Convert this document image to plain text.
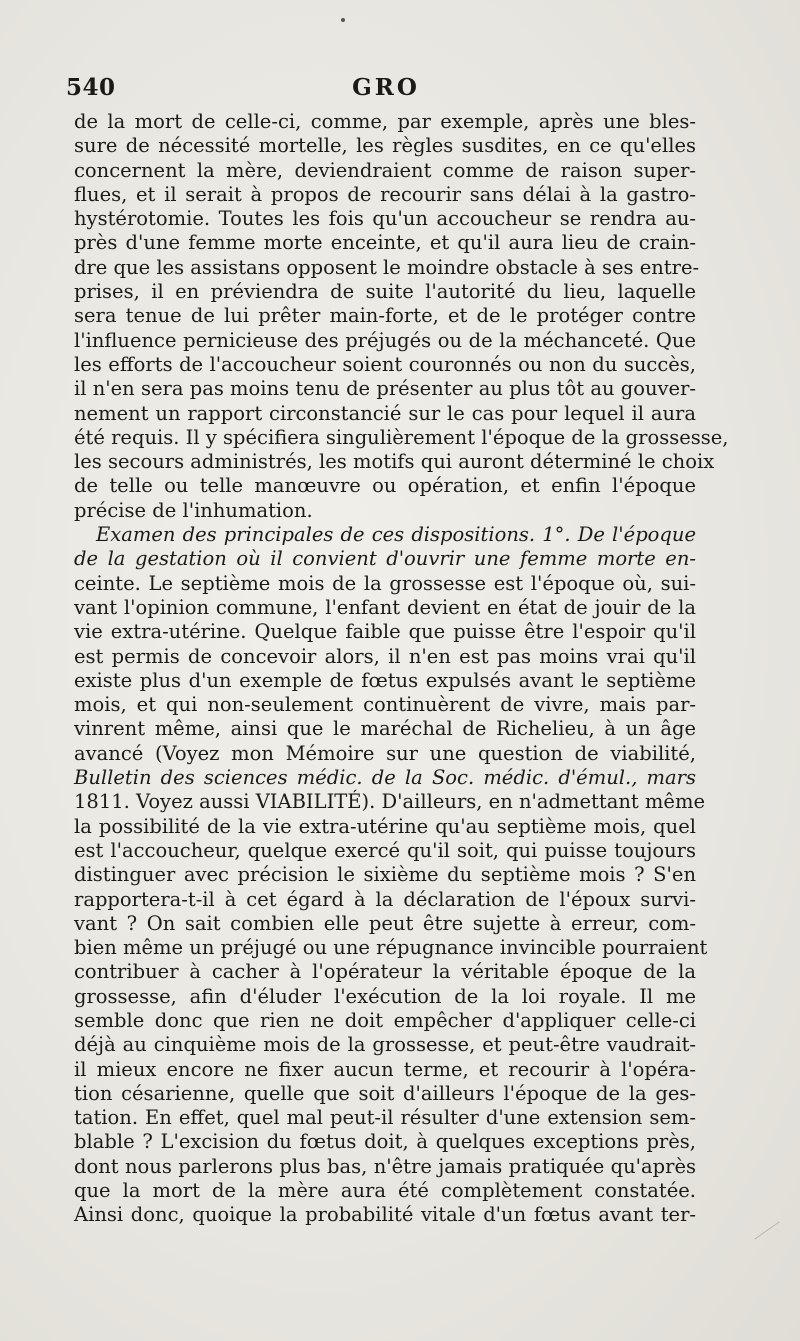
540	GRO
de la mort de celle-ci, comme, par exemple, après une bles-
sure de nécessité mortelle, les règles susdites, en ce qu'elles
concernent la mère, deviendraient comme de raison super-
flues, et il serait à propos de recourir sans délai à la gastro-
hystérotomie. Toutes les fois qu'un accoucheur se rendra au-
près d'une femme morte enceinte, et qu'il aura lieu de crain-
dre que les assistans opposent le moindre obstacle à ses entre-
prises, il en préviendra de suite l'autorité du lieu, laquelle
sera tenue de lui prêter main-forte, et de le protéger contre
l'influence pernicieuse des préjugés ou de la méchanceté. Que
les efforts de l'accoucheur soient couronnés ou non du succès,
il n'en sera pas moins tenu de présenter au plus tôt au gouver-
nement un rapport circonstancié sur le cas pour lequel il aura
été requis. Il y spécifiera singulièrement l'époque de la grossesse,
les secours administrés, les motifs qui auront déterminé le choix
de telle ou telle manœuvre ou opération, et enfin l'époque
précise de l'inhumation.
Examen des principales de ces dispositions. 1°. De l'époque
de la gestation où il convient d'ouvrir une femme morte en-
ceinte. Le septième mois de la grossesse est l'époque où, sui-
vant l'opinion commune, l'enfant devient en état de jouir de la
vie extra-utérine. Quelque faible que puisse être l'espoir qu'il
est permis de concevoir alors, il n'en est pas moins vrai qu'il
existe plus d'un exemple de fœtus expulsés avant le septième
mois, et qui non-seulement continuèrent de vivre, mais par-
vinrent même, ainsi que le maréchal de Richelieu, à un âge
avancé (Voyez mon Mémoire sur une question de viabilité,
Bulletin des sciences médic. de la Soc. médic. d'émul., mars
1811. Voyez aussi VIABILITÉ). D'ailleurs, en n'admettant même
la possibilité de la vie extra-utérine qu'au septième mois, quel
est l'accoucheur, quelque exercé qu'il soit, qui puisse toujours
distinguer avec précision le sixième du septième mois ? S'en
rapportera-t-il à cet égard à la déclaration de l'époux survi-
vant ? On sait combien elle peut être sujette à erreur, com-
bien même un préjugé ou une répugnance invincible pourraient
contribuer à cacher à l'opérateur la véritable époque de la
grossesse, afin d'éluder l'exécution de la loi royale. Il me
semble donc que rien ne doit empêcher d'appliquer celle-ci
déjà au cinquième mois de la grossesse, et peut-être vaudrait-
il mieux encore ne fixer aucun terme, et recourir à l'opéra-
tion césarienne, quelle que soit d'ailleurs l'époque de la ges-
tation. En effet, quel mal peut-il résulter d'une extension sem-
blable ? L'excision du fœtus doit, à quelques exceptions près,
dont nous parlerons plus bas, n'être jamais pratiquée qu'après
que la mort de la mère aura été complètement constatée.
Ainsi donc, quoique la probabilité vitale d'un fœtus avant ter-
